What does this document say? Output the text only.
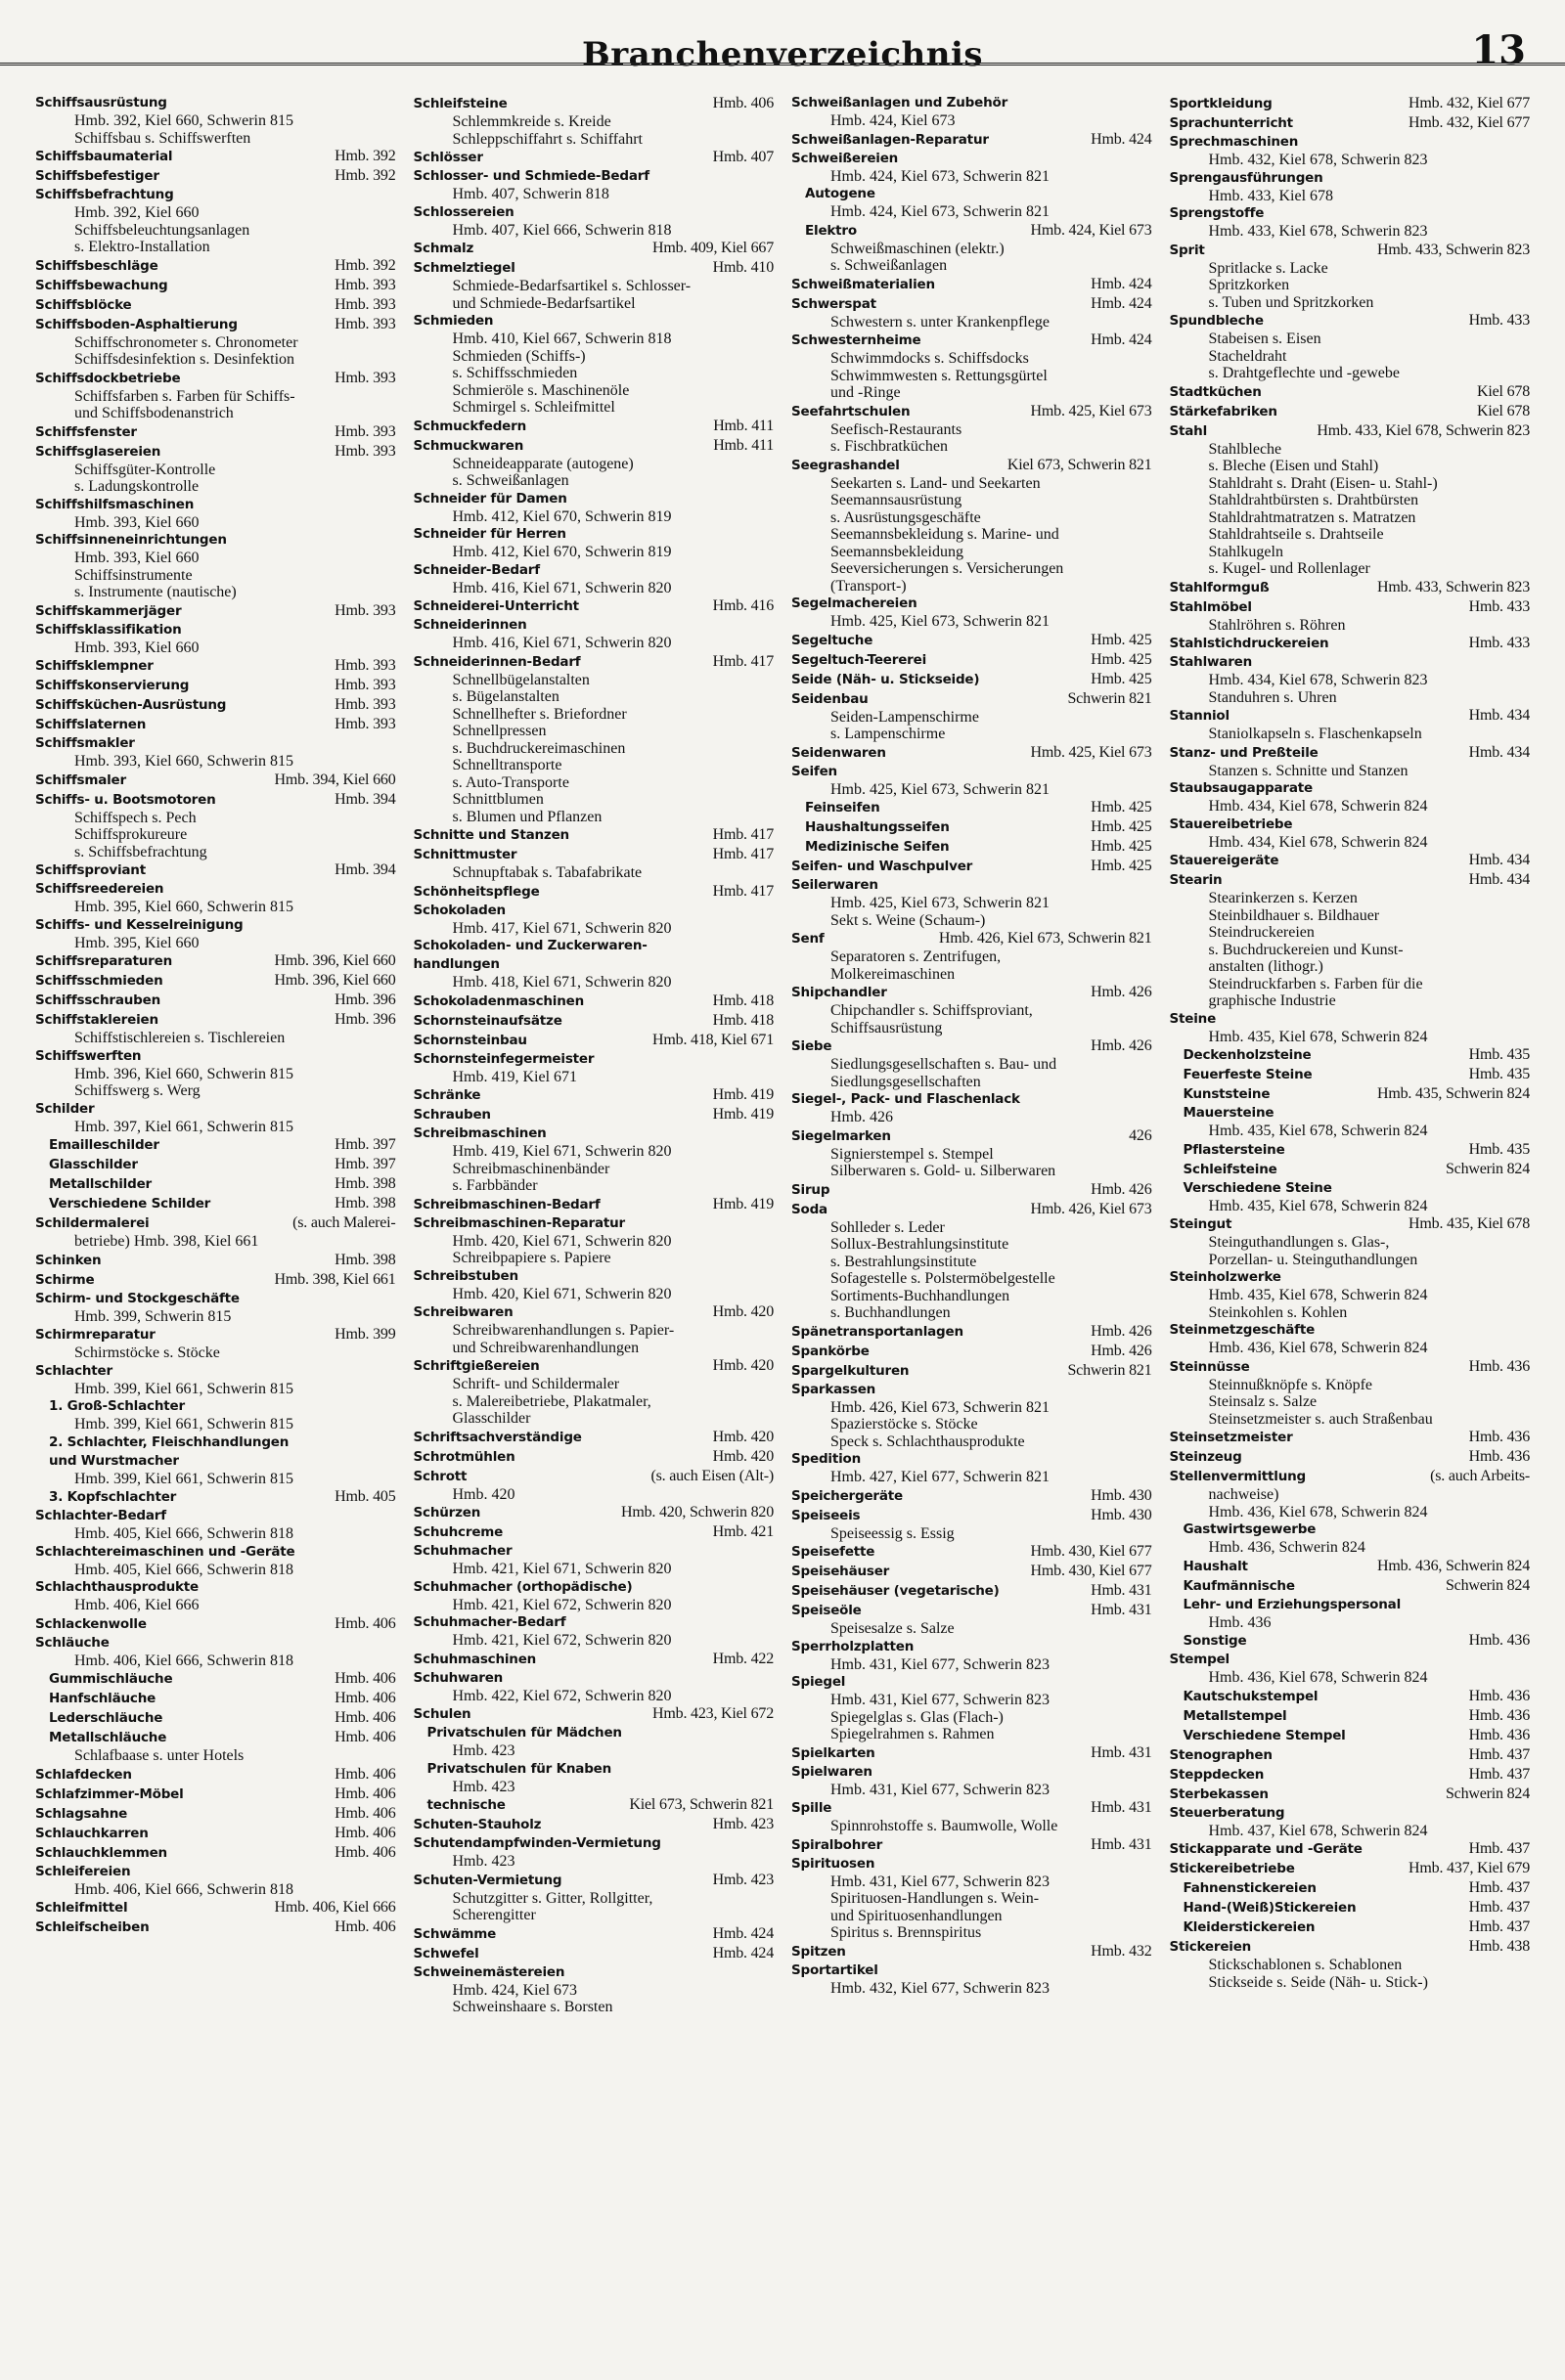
Branchenverzeichnis	13
Schiffsausrüstung
Hmb. 392, Kiel 660, Schwerin 815
Schiffsbau s. Schiffswerften
Schiffsbaumaterial	Hmb. 392
Schiffsbefestiger	Hmb. 392
Schiffsbefrachtung
Hmb. 392, Kiel 660
Schiffsbeleuchtungsanlagen
s. Elektro-Installation
Schiffsbeschläge	Hmb. 392
Schiffsbewachung	Hmb. 393
Schiffsblöcke	Hmb. 393
Schiffsboden-Asphaltierung	Hmb. 393
Schiffschronometer s. Chronometer
Schiffsdesinfektion s. Desinfektion
Schiffsdockbetriebe	Hmb. 393
Schiffsfarben s. Farben für Schiffs-
und Schiffsbodenanstrich
Schiffsfenster	Hmb. 393
Schiffsglasereien	Hmb. 393
Schiffsgüter-Kontrolle
s. Ladungskontrolle
Schiffshilfsmaschinen
Hmb. 393, Kiel 660
Schiffsinneneinrichtungen
Hmb. 393, Kiel 660
Schiffsinstrumente
s. Instrumente (nautische)
Schiffskammerjäger	Hmb. 393
Schiffsklassifikation
Hmb. 393, Kiel 660
Schiffsklempner	Hmb. 393
Schiffskonservierung	Hmb. 393
Schiffsküchen-Ausrüstung	Hmb. 393
Schiffslaternen	Hmb. 393
Schiffsmakler
Hmb. 393, Kiel 660, Schwerin 815
Schiffsmaler	Hmb. 394, Kiel 660
Schiffs- u. Bootsmotoren	Hmb. 394
Schiffspech s. Pech
Schiffsprokureure
s. Schiffsbefrachtung
Schiffsproviant	Hmb. 394
Schiffsreedereien
Hmb. 395, Kiel 660, Schwerin 815
Schiffs- und Kesselreinigung
Hmb. 395, Kiel 660
Schiffsreparaturen	Hmb. 396, Kiel 660
Schiffsschmieden	Hmb. 396, Kiel 660
Schiffsschrauben	Hmb. 396
Schiffstaklereien	Hmb. 396
Schiffstischlereien s. Tischlereien
Schiffswerften
Hmb. 396, Kiel 660, Schwerin 815
Schiffswerg s. Werg
Schilder
Hmb. 397, Kiel 661, Schwerin 815
Emailleschilder	Hmb. 397
Glasschilder	Hmb. 397
Metallschilder	Hmb. 398
Verschiedene Schilder	Hmb. 398
Schildermalerei	(s. auch Malerei-
betriebe) Hmb. 398, Kiel 661
Schinken	Hmb. 398
Schirme	Hmb. 398, Kiel 661
Schirm- und Stockgeschäfte
Hmb. 399, Schwerin 815
Schirmreparatur	Hmb. 399
Schirmstöcke s. Stöcke
Schlachter
Hmb. 399, Kiel 661, Schwerin 815
1. Groß-Schlachter
Hmb. 399, Kiel 661, Schwerin 815
2. Schlachter, Fleischhandlungen
und Wurstmacher
Hmb. 399, Kiel 661, Schwerin 815
3. Kopfschlachter	Hmb. 405
Schlachter-Bedarf
Hmb. 405, Kiel 666, Schwerin 818
Schlachtereimaschinen und -Geräte
Hmb. 405, Kiel 666, Schwerin 818
Schlachthausprodukte
Hmb. 406, Kiel 666
Schlackenwolle	Hmb. 406
Schläuche
Hmb. 406, Kiel 666, Schwerin 818
Gummischläuche	Hmb. 406
Hanfschläuche	Hmb. 406
Lederschläuche	Hmb. 406
Metallschläuche	Hmb. 406
Schlafbaase s. unter Hotels
Schlafdecken	Hmb. 406
Schlafzimmer-Möbel	Hmb. 406
Schlagsahne	Hmb. 406
Schlauchkarren	Hmb. 406
Schlauchklemmen	Hmb. 406
Schleifereien
Hmb. 406, Kiel 666, Schwerin 818
Schleifmittel	Hmb. 406, Kiel 666
Schleifscheiben	Hmb. 406
Schleifsteine	Hmb. 406
Schlemmkreide s. Kreide
Schleppschiffahrt s. Schiffahrt
Schlösser	Hmb. 407
Schlosser- und Schmiede-Bedarf
Hmb. 407, Schwerin 818
Schlossereien
Hmb. 407, Kiel 666, Schwerin 818
Schmalz	Hmb. 409, Kiel 667
Schmelztiegel	Hmb. 410
Schmiede-Bedarfsartikel s. Schlosser-
und Schmiede-Bedarfsartikel
Schmieden
Hmb. 410, Kiel 667, Schwerin 818
Schmieden (Schiffs-)
s. Schiffsschmieden
Schmieröle s. Maschinenöle
Schmirgel s. Schleifmittel
Schmuckfedern	Hmb. 411
Schmuckwaren	Hmb. 411
Schneideapparate (autogene)
s. Schweißanlagen
Schneider für Damen
Hmb. 412, Kiel 670, Schwerin 819
Schneider für Herren
Hmb. 412, Kiel 670, Schwerin 819
Schneider-Bedarf
Hmb. 416, Kiel 671, Schwerin 820
Schneiderei-Unterricht	Hmb. 416
Schneiderinnen
Hmb. 416, Kiel 671, Schwerin 820
Schneiderinnen-Bedarf	Hmb. 417
Schnellbügelanstalten
s. Bügelanstalten
Schnellhefter s. Briefordner
Schnellpressen
s. Buchdruckereimaschinen
Schnelltransporte
s. Auto-Transporte
Schnittblumen
s. Blumen und Pflanzen
Schnitte und Stanzen	Hmb. 417
Schnittmuster	Hmb. 417
Schnupftabak s. Tabafabrikate
Schönheitspflege	Hmb. 417
Schokoladen
Hmb. 417, Kiel 671, Schwerin 820
Schokoladen- und Zuckerwaren-
handlungen
Hmb. 418, Kiel 671, Schwerin 820
Schokoladenmaschinen	Hmb. 418
Schornsteinaufsätze	Hmb. 418
Schornsteinbau	Hmb. 418, Kiel 671
Schornsteinfegermeister
Hmb. 419, Kiel 671
Schränke	Hmb. 419
Schrauben	Hmb. 419
Schreibmaschinen
Hmb. 419, Kiel 671, Schwerin 820
Schreibmaschinenbänder
s. Farbbänder
Schreibmaschinen-Bedarf	Hmb. 419
Schreibmaschinen-Reparatur
Hmb. 420, Kiel 671, Schwerin 820
Schreibpapiere s. Papiere
Schreibstuben
Hmb. 420, Kiel 671, Schwerin 820
Schreibwaren	Hmb. 420
Schreibwarenhandlungen s. Papier-
und Schreibwarenhandlungen
Schriftgießereien	Hmb. 420
Schrift- und Schildermaler
s. Malereibetriebe, Plakatmaler,
Glasschilder
Schriftsachverständige	Hmb. 420
Schrotmühlen	Hmb. 420
Schrott	(s. auch Eisen (Alt-)
Hmb. 420
Schürzen	Hmb. 420, Schwerin 820
Schuhcreme	Hmb. 421
Schuhmacher
Hmb. 421, Kiel 671, Schwerin 820
Schuhmacher (orthopädische)
Hmb. 421, Kiel 672, Schwerin 820
Schuhmacher-Bedarf
Hmb. 421, Kiel 672, Schwerin 820
Schuhmaschinen	Hmb. 422
Schuhwaren
Hmb. 422, Kiel 672, Schwerin 820
Schulen	Hmb. 423, Kiel 672
Privatschulen für Mädchen
Hmb. 423
Privatschulen für Knaben
Hmb. 423
technische	Kiel 673, Schwerin 821
Schuten-Stauholz	Hmb. 423
Schutendampfwinden-Vermietung
Hmb. 423
Schuten-Vermietung	Hmb. 423
Schutzgitter s. Gitter, Rollgitter,
Scherengitter
Schwämme	Hmb. 424
Schwefel	Hmb. 424
Schweinemästereien
Hmb. 424, Kiel 673
Schweinshaare s. Borsten
Schweißanlagen und Zubehör
Hmb. 424, Kiel 673
Schweißanlagen-Reparatur	Hmb. 424
Schweißereien
Hmb. 424, Kiel 673, Schwerin 821
Autogene
Hmb. 424, Kiel 673, Schwerin 821
Elektro	Hmb. 424, Kiel 673
Schweißmaschinen (elektr.)
s. Schweißanlagen
Schweißmaterialien	Hmb. 424
Schwerspat	Hmb. 424
Schwestern s. unter Krankenpflege
Schwesternheime	Hmb. 424
Schwimmdocks s. Schiffsdocks
Schwimmwesten s. Rettungsgürtel
und -Ringe
Seefahrtschulen	Hmb. 425, Kiel 673
Seefisch-Restaurants
s. Fischbratküchen
Seegrashandel	Kiel 673, Schwerin 821
Seekarten s. Land- und Seekarten
Seemannsausrüstung
s. Ausrüstungsgeschäfte
Seemannsbekleidung s. Marine- und
Seemannsbekleidung
Seeversicherungen s. Versicherungen
(Transport-)
Segelmachereien
Hmb. 425, Kiel 673, Schwerin 821
Segeltuche	Hmb. 425
Segeltuch-Teererei	Hmb. 425
Seide (Näh- u. Stickseide)	Hmb. 425
Seidenbau	Schwerin 821
Seiden-Lampenschirme
s. Lampenschirme
Seidenwaren	Hmb. 425, Kiel 673
Seifen
Hmb. 425, Kiel 673, Schwerin 821
Feinseifen	Hmb. 425
Haushaltungsseifen	Hmb. 425
Medizinische Seifen	Hmb. 425
Seifen- und Waschpulver	Hmb. 425
Seilerwaren
Hmb. 425, Kiel 673, Schwerin 821
Sekt s. Weine (Schaum-)
Senf	Hmb. 426, Kiel 673, Schwerin 821
Separatoren s. Zentrifugen,
Molkereimaschinen
Shipchandler	Hmb. 426
Chipchandler s. Schiffsproviant,
Schiffsausrüstung
Siebe	Hmb. 426
Siedlungsgesellschaften s. Bau- und
Siedlungsgesellschaften
Siegel-, Pack- und Flaschenlack
Hmb. 426
Siegelmarken	426
Signierstempel s. Stempel
Silberwaren s. Gold- u. Silberwaren
Sirup	Hmb. 426
Soda	Hmb. 426, Kiel 673
Sohlleder s. Leder
Sollux-Bestrahlungsinstitute
s. Bestrahlungsinstitute
Sofagestelle s. Polstermöbelgestelle
Sortiments-Buchhandlungen
s. Buchhandlungen
Spänetransportanlagen	Hmb. 426
Spankörbe	Hmb. 426
Spargelkulturen	Schwerin 821
Sparkassen
Hmb. 426, Kiel 673, Schwerin 821
Spazierstöcke s. Stöcke
Speck s. Schlachthausprodukte
Spedition
Hmb. 427, Kiel 677, Schwerin 821
Speichergeräte	Hmb. 430
Speiseeis	Hmb. 430
Speiseessig s. Essig
Speisefette	Hmb. 430, Kiel 677
Speisehäuser	Hmb. 430, Kiel 677
Speisehäuser (vegetarische)	Hmb. 431
Speiseöle	Hmb. 431
Speisesalze s. Salze
Sperrholzplatten
Hmb. 431, Kiel 677, Schwerin 823
Spiegel
Hmb. 431, Kiel 677, Schwerin 823
Spiegelglas s. Glas (Flach-)
Spiegelrahmen s. Rahmen
Spielkarten	Hmb. 431
Spielwaren
Hmb. 431, Kiel 677, Schwerin 823
Spille	Hmb. 431
Spinnrohstoffe s. Baumwolle, Wolle
Spiralbohrer	Hmb. 431
Spirituosen
Hmb. 431, Kiel 677, Schwerin 823
Spirituosen-Handlungen s. Wein-
und Spirituosenhandlungen
Spiritus s. Brennspiritus
Spitzen	Hmb. 432
Sportartikel
Hmb. 432, Kiel 677, Schwerin 823
Sportkleidung	Hmb. 432, Kiel 677
Sprachunterricht	Hmb. 432, Kiel 677
Sprechmaschinen
Hmb. 432, Kiel 678, Schwerin 823
Sprengausführungen
Hmb. 433, Kiel 678
Sprengstoffe
Hmb. 433, Kiel 678, Schwerin 823
Sprit	Hmb. 433, Schwerin 823
Spritlacke s. Lacke
Spritzkorken
s. Tuben und Spritzkorken
Spundbleche	Hmb. 433
Stabeisen s. Eisen
Stacheldraht
s. Drahtgeflechte und -gewebe
Stadtküchen	Kiel 678
Stärkefabriken	Kiel 678
Stahl	Hmb. 433, Kiel 678, Schwerin 823
Stahlbleche
s. Bleche (Eisen und Stahl)
Stahldraht s. Draht (Eisen- u. Stahl-)
Stahldrahtbürsten s. Drahtbürsten
Stahldrahtmatratzen s. Matratzen
Stahldrahtseile s. Drahtseile
Stahlkugeln
s. Kugel- und Rollenlager
Stahlformguß	Hmb. 433, Schwerin 823
Stahlmöbel	Hmb. 433
Stahlröhren s. Röhren
Stahlstichdruckereien	Hmb. 433
Stahlwaren
Hmb. 434, Kiel 678, Schwerin 823
Standuhren s. Uhren
Stanniol	Hmb. 434
Staniolkapseln s. Flaschenkapseln
Stanz- und Preßteile	Hmb. 434
Stanzen s. Schnitte und Stanzen
Staubsaugapparate
Hmb. 434, Kiel 678, Schwerin 824
Stauereibetriebe
Hmb. 434, Kiel 678, Schwerin 824
Stauereigeräte	Hmb. 434
Stearin	Hmb. 434
Stearinkerzen s. Kerzen
Steinbildhauer s. Bildhauer
Steindruckereien
s. Buchdruckereien und Kunst-
anstalten (lithogr.)
Steindruckfarben s. Farben für die
graphische Industrie
Steine
Hmb. 435, Kiel 678, Schwerin 824
Deckenholzsteine	Hmb. 435
Feuerfeste Steine	Hmb. 435
Kunststeine	Hmb. 435, Schwerin 824
Mauersteine
Hmb. 435, Kiel 678, Schwerin 824
Pflastersteine	Hmb. 435
Schleifsteine	Schwerin 824
Verschiedene Steine
Hmb. 435, Kiel 678, Schwerin 824
Steingut	Hmb. 435, Kiel 678
Steinguthandlungen s. Glas-,
Porzellan- u. Steinguthandlungen
Steinholzwerke
Hmb. 435, Kiel 678, Schwerin 824
Steinkohlen s. Kohlen
Steinmetzgeschäfte
Hmb. 436, Kiel 678, Schwerin 824
Steinnüsse	Hmb. 436
Steinnußknöpfe s. Knöpfe
Steinsalz s. Salze
Steinsetzmeister s. auch Straßenbau
Steinsetzmeister	Hmb. 436
Steinzeug	Hmb. 436
Stellenvermittlung	(s. auch Arbeits-
nachweise)
Hmb. 436, Kiel 678, Schwerin 824
Gastwirtsgewerbe
Hmb. 436, Schwerin 824
Haushalt	Hmb. 436, Schwerin 824
Kaufmännische	Schwerin 824
Lehr- und Erziehungspersonal
Hmb. 436
Sonstige	Hmb. 436
Stempel
Hmb. 436, Kiel 678, Schwerin 824
Kautschukstempel	Hmb. 436
Metallstempel	Hmb. 436
Verschiedene Stempel	Hmb. 436
Stenographen	Hmb. 437
Steppdecken	Hmb. 437
Sterbekassen	Schwerin 824
Steuerberatung
Hmb. 437, Kiel 678, Schwerin 824
Stickapparate und -Geräte	Hmb. 437
Stickereibetriebe	Hmb. 437, Kiel 679
Fahnenstickereien	Hmb. 437
Hand-(Weiß)Stickereien	Hmb. 437
Kleiderstickereien	Hmb. 437
Stickereien	Hmb. 438
Stickschablonen s. Schablonen
Stickseide s. Seide (Näh- u. Stick-)
